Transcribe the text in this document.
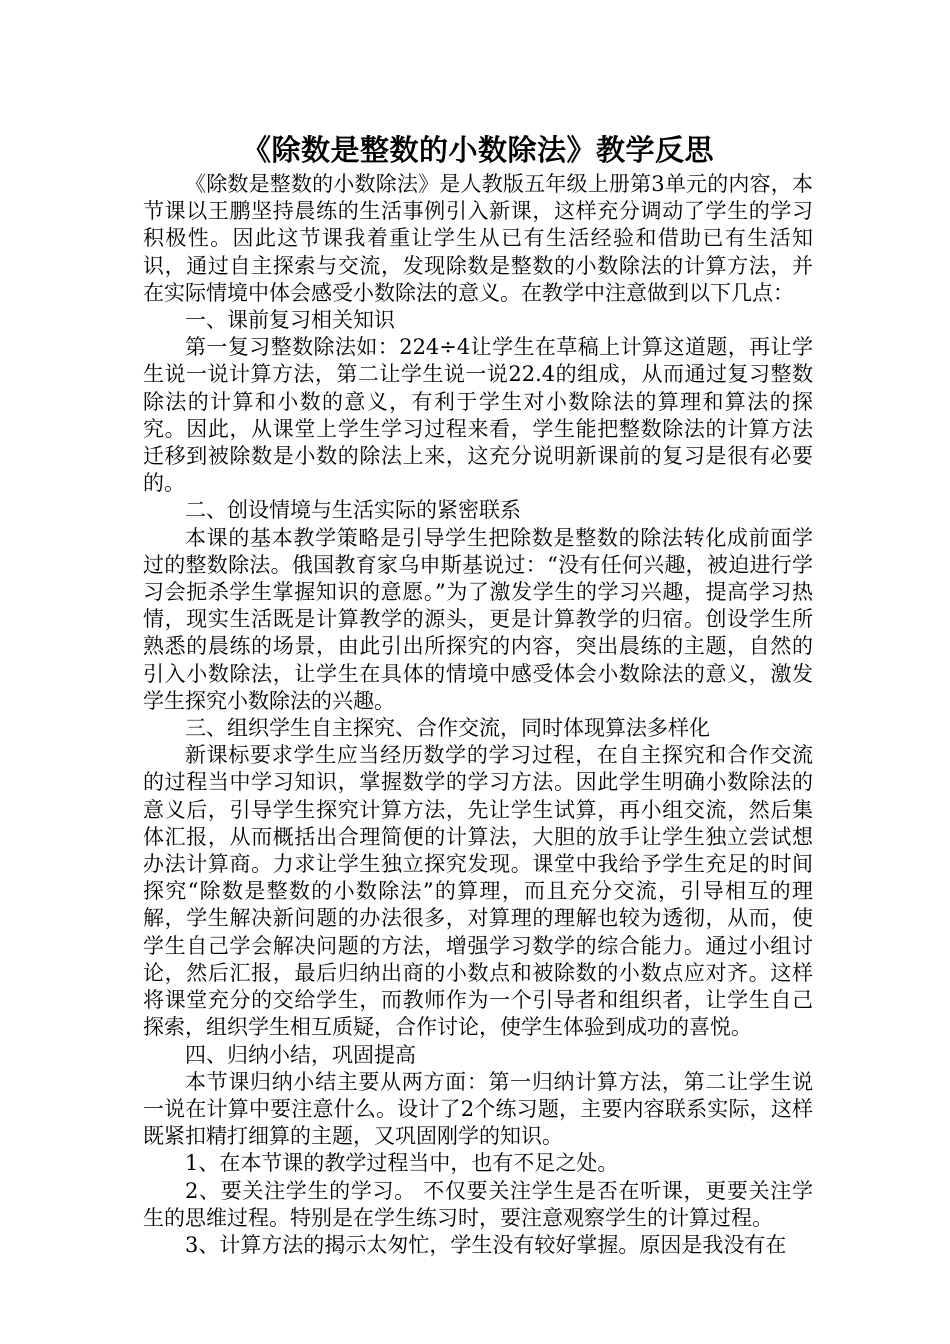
《除数是整数的小数除法》教学反思

《除数是整数的小数除法》是人教版五年级上册第3单元的内容，本节课以王鹏坚持晨练的生活事例引入新课，这样充分调动了学生的学习积极性。因此这节课我着重让学生从已有生活经验和借助已有生活知识，通过自主探索与交流，发现除数是整数的小数除法的计算方法，并在实际情境中体会感受小数除法的意义。在教学中注意做到以下几点：

一、课前复习相关知识

第一复习整数除法如：224÷4让学生在草稿上计算这道题，再让学生说一说计算方法，第二让学生说一说22.4的组成，从而通过复习整数除法的计算和小数的意义，有利于学生对小数除法的算理和算法的探究。因此，从课堂上学生学习过程来看，学生能把整数除法的计算方法迁移到被除数是小数的除法上来，这充分说明新课前的复习是很有必要的。

二、创设情境与生活实际的紧密联系

本课的基本教学策略是引导学生把除数是整数的除法转化成前面学过的整数除法。俄国教育家乌申斯基说过：“没有任何兴趣，被迫进行学习会扼杀学生掌握知识的意愿。”为了激发学生的学习兴趣，提高学习热情，现实生活既是计算教学的源头，更是计算教学的归宿。创设学生所熟悉的晨练的场景，由此引出所探究的内容，突出晨练的主题，自然的引入小数除法，让学生在具体的情境中感受体会小数除法的意义，激发学生探究小数除法的兴趣。

三、组织学生自主探究、合作交流，同时体现算法多样化

新课标要求学生应当经历数学的学习过程，在自主探究和合作交流的过程当中学习知识，掌握数学的学习方法。因此学生明确小数除法的意义后，引导学生探究计算方法，先让学生试算，再小组交流，然后集体汇报，从而概括出合理简便的计算法，大胆的放手让学生独立尝试想办法计算商。力求让学生独立探究发现。课堂中我给予学生充足的时间探究“除数是整数的小数除法”的算理，而且充分交流，引导相互的理解，学生解决新问题的办法很多，对算理的理解也较为透彻，从而，使学生自己学会解决问题的方法，增强学习数学的综合能力。通过小组讨论，然后汇报，最后归纳出商的小数点和被除数的小数点应对齐。这样将课堂充分的交给学生，而教师作为一个引导者和组织者，让学生自己探索，组织学生相互质疑，合作讨论，使学生体验到成功的喜悦。

四、归纳小结，巩固提高

本节课归纳小结主要从两方面：第一归纳计算方法，第二让学生说一说在计算中要注意什么。设计了2个练习题，主要内容联系实际，这样既紧扣精打细算的主题，又巩固刚学的知识。

1、在本节课的教学过程当中，也有不足之处。

2、要关注学生的学习。 不仅要关注学生是否在听课，更要关注学生的思维过程。特别是在学生练习时，要注意观察学生的计算过程。

3、计算方法的揭示太匆忙，学生没有较好掌握。原因是我没有在
